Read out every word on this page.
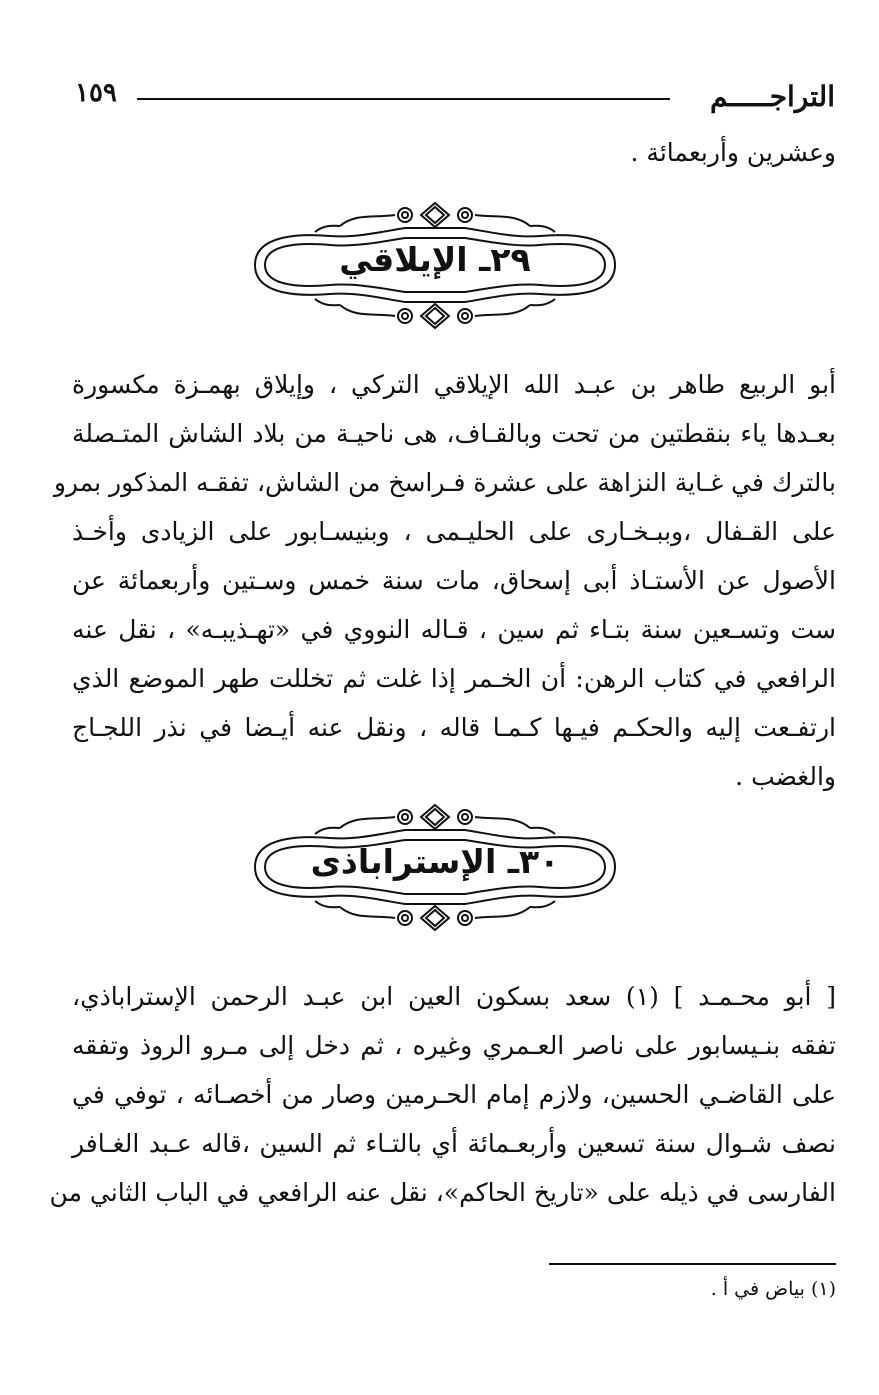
التراجـــــم
١٥٩
وعشرين وأربعمائة .
٢٩ـ الإيلاقي
أبو الربيع طاهر بن عبـد الله الإيلاقي التركي ، وإيلاق بهمـزة مكسورة
بعـدها ياء بنقطتين من تحت وبالقـاف، هى ناحيـة من بلاد الشاش المتـصلة
بالترك في غـاية النزاهة على عشرة فـراسخ من الشاش، تفقـه المذكور بمرو
على القـفال ،وببـخـارى على الحليـمى ، وبنيسـابور على الزيادى وأخـذ
الأصول عن الأستـاذ أبى إسحاق، مات سنة خمس وسـتين وأربعمائة عن
ست وتسـعين سنة بتـاء ثم سين ، قـاله النووي في «تهـذيبـه» ، نقل عنه
الرافعي في كتاب الرهن: أن الخـمر إذا غلت ثم تخللت طهر الموضع الذي
ارتفـعت إليه والحكـم فيـها كـمـا قاله ، ونقل عنه أيـضا في نذر اللجـاج
والغضب .
٣٠ـ الإستراباذى
[ أبو محـمـد ] (١) سعد بسكون العين ابن عبـد الرحمن الإستراباذي،
تفقه بنـيسابور على ناصر العـمري وغيره ، ثم دخل إلى مـرو الروذ وتفقه
على القاضـي الحسين، ولازم إمام الحـرمين وصار من أخصـائه ، توفي في
نصف شـوال سنة تسعين وأربعـمائة أي بالتـاء ثم السين ،قاله عـبد الغـافر
الفارسى في ذيله على «تاريخ الحاكم»، نقل عنه الرافعي في الباب الثاني من
(١) بياض في أ .
